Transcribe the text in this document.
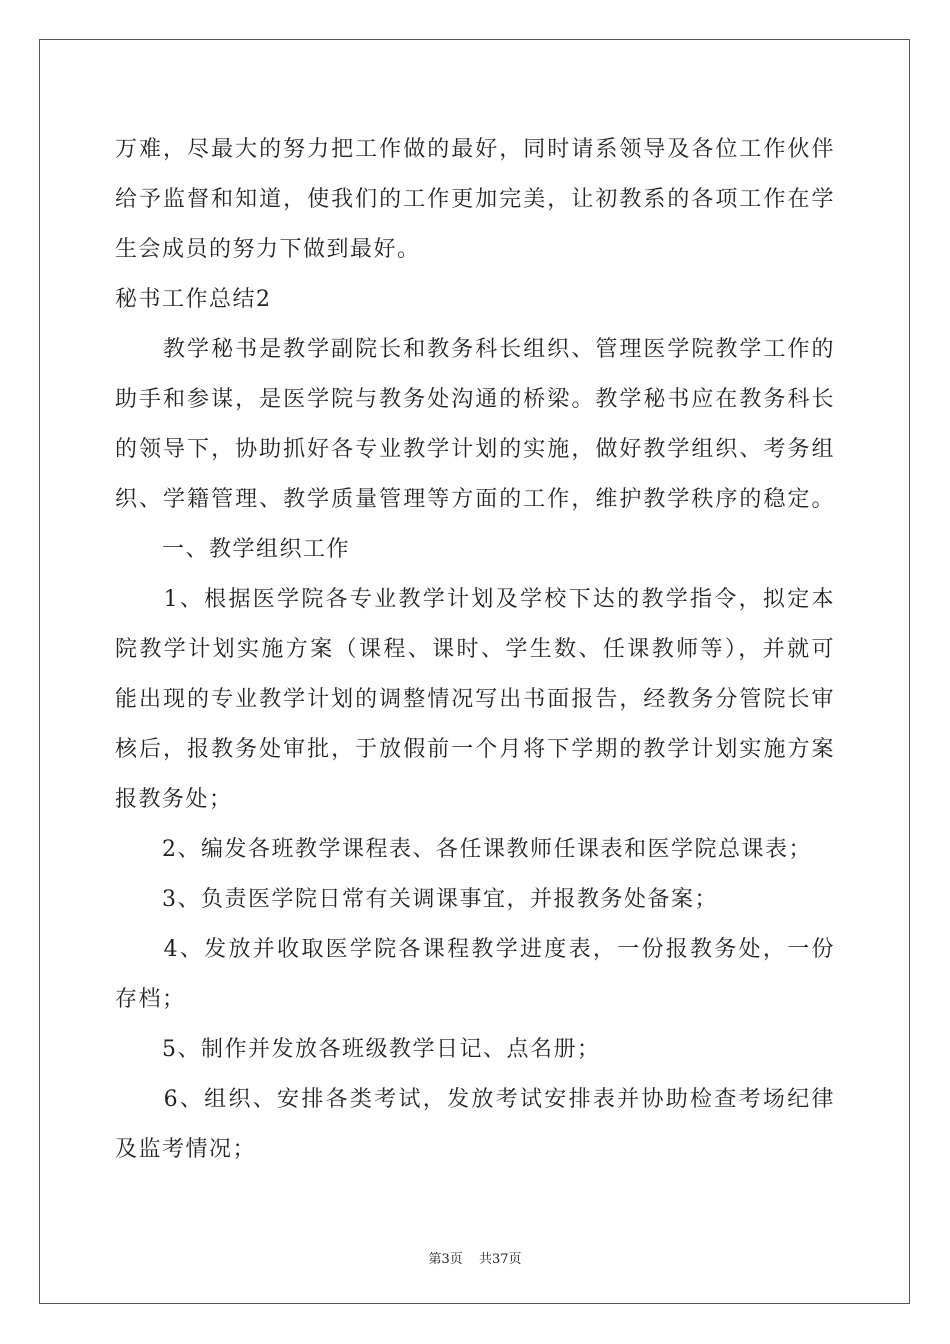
万难，尽最大的努力把工作做的最好，同时请系领导及各位工作伙伴
给予监督和知道，使我们的工作更加完美，让初教系的各项工作在学
生会成员的努力下做到最好。
秘书工作总结2
　　教学秘书是教学副院长和教务科长组织、管理医学院教学工作的
助手和参谋，是医学院与教务处沟通的桥梁。教学秘书应在教务科长
的领导下，协助抓好各专业教学计划的实施，做好教学组织、考务组
织、学籍管理、教学质量管理等方面的工作，维护教学秩序的稳定。
　　一、教学组织工作
　　1、根据医学院各专业教学计划及学校下达的教学指令，拟定本
院教学计划实施方案（课程、课时、学生数、任课教师等），并就可
能出现的专业教学计划的调整情况写出书面报告，经教务分管院长审
核后，报教务处审批，于放假前一个月将下学期的教学计划实施方案
报教务处；
　　2、编发各班教学课程表、各任课教师任课表和医学院总课表；
　　3、负责医学院日常有关调课事宜，并报教务处备案；
　　4、发放并收取医学院各课程教学进度表，一份报教务处，一份
存档；
　　5、制作并发放各班级教学日记、点名册；
　　6、组织、安排各类考试，发放考试安排表并协助检查考场纪律
及监考情况；
第3页 共37页
